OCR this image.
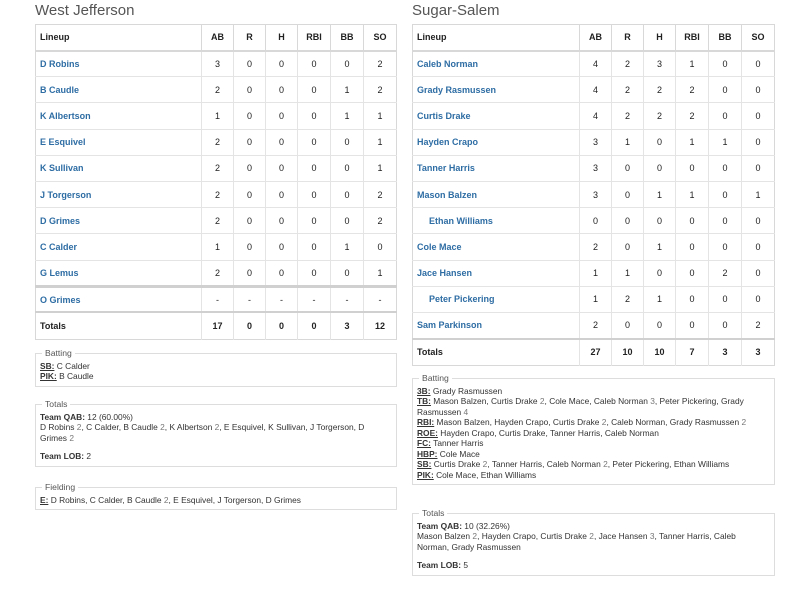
West Jefferson
Lineup	AB	R	H	RBI	BB	SO
D Robins	3	0	0	0	0	2
B Caudle	2	0	0	0	1	2
K Albertson	1	0	0	0	1	1
E Esquivel	2	0	0	0	0	1
K Sullivan	2	0	0	0	0	1
J Torgerson	2	0	0	0	0	2
D Grimes	2	0	0	0	0	2
C Calder	1	0	0	0	1	0
G Lemus	2	0	0	0	0	1
O Grimes	-	-	-	-	-	-
Totals	17	0	0	0	3	12
Batting
SB: C Calder
PIK: B Caudle
Totals
Team QAB: 12 (60.00%)
D Robins 2, C Calder, B Caudle 2, K Albertson 2, E Esquivel, K Sullivan, J Torgerson, D Grimes 2
Team LOB: 2
Fielding
E: D Robins, C Calder, B Caudle 2, E Esquivel, J Torgerson, D Grimes
Sugar-Salem
Lineup	AB	R	H	RBI	BB	SO
Caleb Norman	4	2	3	1	0	0
Grady Rasmussen	4	2	2	2	0	0
Curtis Drake	4	2	2	2	0	0
Hayden Crapo	3	1	0	1	1	0
Tanner Harris	3	0	0	0	0	0
Mason Balzen	3	0	1	1	0	1
Ethan Williams	0	0	0	0	0	0
Cole Mace	2	0	1	0	0	0
Jace Hansen	1	1	0	0	2	0
Peter Pickering	1	2	1	0	0	0
Sam Parkinson	2	0	0	0	0	2
Totals	27	10	10	7	3	3
Batting
3B: Grady Rasmussen
TB: Mason Balzen, Curtis Drake 2, Cole Mace, Caleb Norman 3, Peter Pickering, Grady Rasmussen 4
RBI: Mason Balzen, Hayden Crapo, Curtis Drake 2, Caleb Norman, Grady Rasmussen 2
ROE: Hayden Crapo, Curtis Drake, Tanner Harris, Caleb Norman
FC: Tanner Harris
HBP: Cole Mace
SB: Curtis Drake 2, Tanner Harris, Caleb Norman 2, Peter Pickering, Ethan Williams
PIK: Cole Mace, Ethan Williams
Totals
Team QAB: 10 (32.26%)
Mason Balzen 2, Hayden Crapo, Curtis Drake 2, Jace Hansen 3, Tanner Harris, Caleb Norman, Grady Rasmussen
Team LOB: 5
